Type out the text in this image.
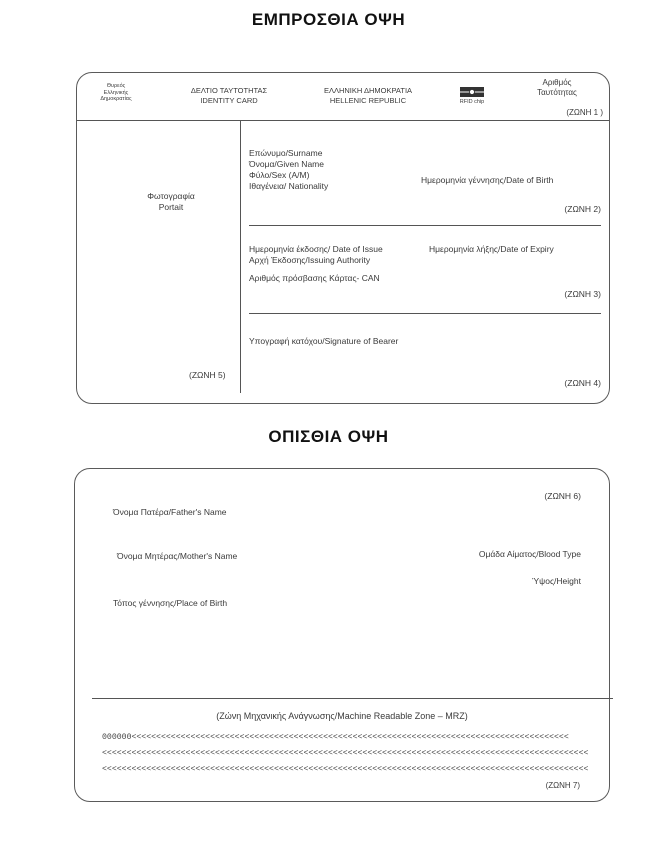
ΕΜΠΡΟΣΘΙΑ ΟΨΗ
Θυρεός
Ελληνικής
Δημοκρατίας
ΔΕΛΤΙΟ ΤΑΥΤΟΤΗΤΑΣ
IDENTITY CARD
ΕΛΛΗΝΙΚΗ ΔΗΜΟΚΡΑΤΙΑ
HELLENIC REPUBLIC	RFID chip
Αριθμός
Ταυτότητας
(ΖΩΝΗ 1 )
Φωτογραφία
Portait
(ΖΩΝΗ 5)
Επώνυμο/Surname
Όνομα/Given Name
Φύλο/Sex (Α/Μ)
Ιθαγένεια/ Nationality
Ημερομηνία γέννησης/Date of Birth
(ΖΩΝΗ 2)
Ημερομηνία έκδοσης/ Date of Issue	Ημερομηνία λήξης/Date of Expiry
Αρχή Έκδοσης/Issuing Authority
Αριθμός πρόσβασης Κάρτας- CAN
(ΖΩΝΗ 3)
Υπογραφή κατόχου/Signature of Bearer
(ΖΩΝΗ 4)
ΟΠΙΣΘΙΑ ΟΨΗ
(ΖΩΝΗ 6)
Όνομα Πατέρα/Father's Name
Όνομα Μητέρας/Mother's Name	Ομάδα Αίματος/Blood Type
Ύψος/Height
Τόπος γέννησης/Place of Birth
(Ζώνη Μηχανικής Ανάγνωσης/Machine Readable Zone – MRZ)
000000<<<<<<<<<<<<<<<<<<<<<<<<<<<<<<<<<<<<<<<<<<<<<<<<<<<<<<<<<<<<<<<<<<<<<<<<<<<<<<<<<<<<<<<<<
<<<<<<<<<<<<<<<<<<<<<<<<<<<<<<<<<<<<<<<<<<<<<<<<<<<<<<<<<<<<<<<<<<<<<<<<<<<<<<<<<<<<<<<<<<<<<<<<<<<
<<<<<<<<<<<<<<<<<<<<<<<<<<<<<<<<<<<<<<<<<<<<<<<<<<<<<<<<<<<<<<<<<<<<<<<<<<<<<<<<<<<<<<<<<<<<<<<<<<<
(ΖΩΝΗ 7)
